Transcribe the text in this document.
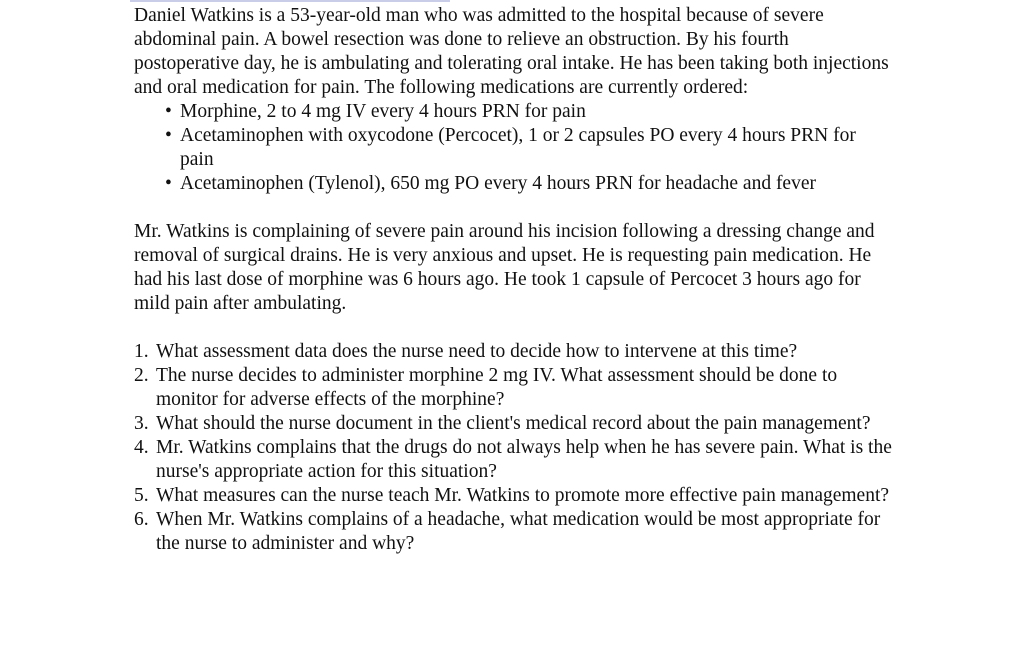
Daniel Watkins is a 53-year-old man who was admitted to the hospital because of severe abdominal pain. A bowel resection was done to relieve an obstruction. By his fourth postoperative day, he is ambulating and tolerating oral intake. He has been taking both injections and oral medication for pain. The following medications are currently ordered:

• Morphine, 2 to 4 mg IV every 4 hours PRN for pain
• Acetaminophen with oxycodone (Percocet), 1 or 2 capsules PO every 4 hours PRN for pain
• Acetaminophen (Tylenol), 650 mg PO every 4 hours PRN for headache and fever

Mr. Watkins is complaining of severe pain around his incision following a dressing change and removal of surgical drains. He is very anxious and upset. He is requesting pain medication. He had his last dose of morphine was 6 hours ago. He took 1 capsule of Percocet 3 hours ago for mild pain after ambulating.

1. What assessment data does the nurse need to decide how to intervene at this time?
2. The nurse decides to administer morphine 2 mg IV. What assessment should be done to monitor for adverse effects of the morphine?
3. What should the nurse document in the client's medical record about the pain management?
4. Mr. Watkins complains that the drugs do not always help when he has severe pain. What is the nurse's appropriate action for this situation?
5. What measures can the nurse teach Mr. Watkins to promote more effective pain management?
6. When Mr. Watkins complains of a headache, what medication would be most appropriate for the nurse to administer and why?
